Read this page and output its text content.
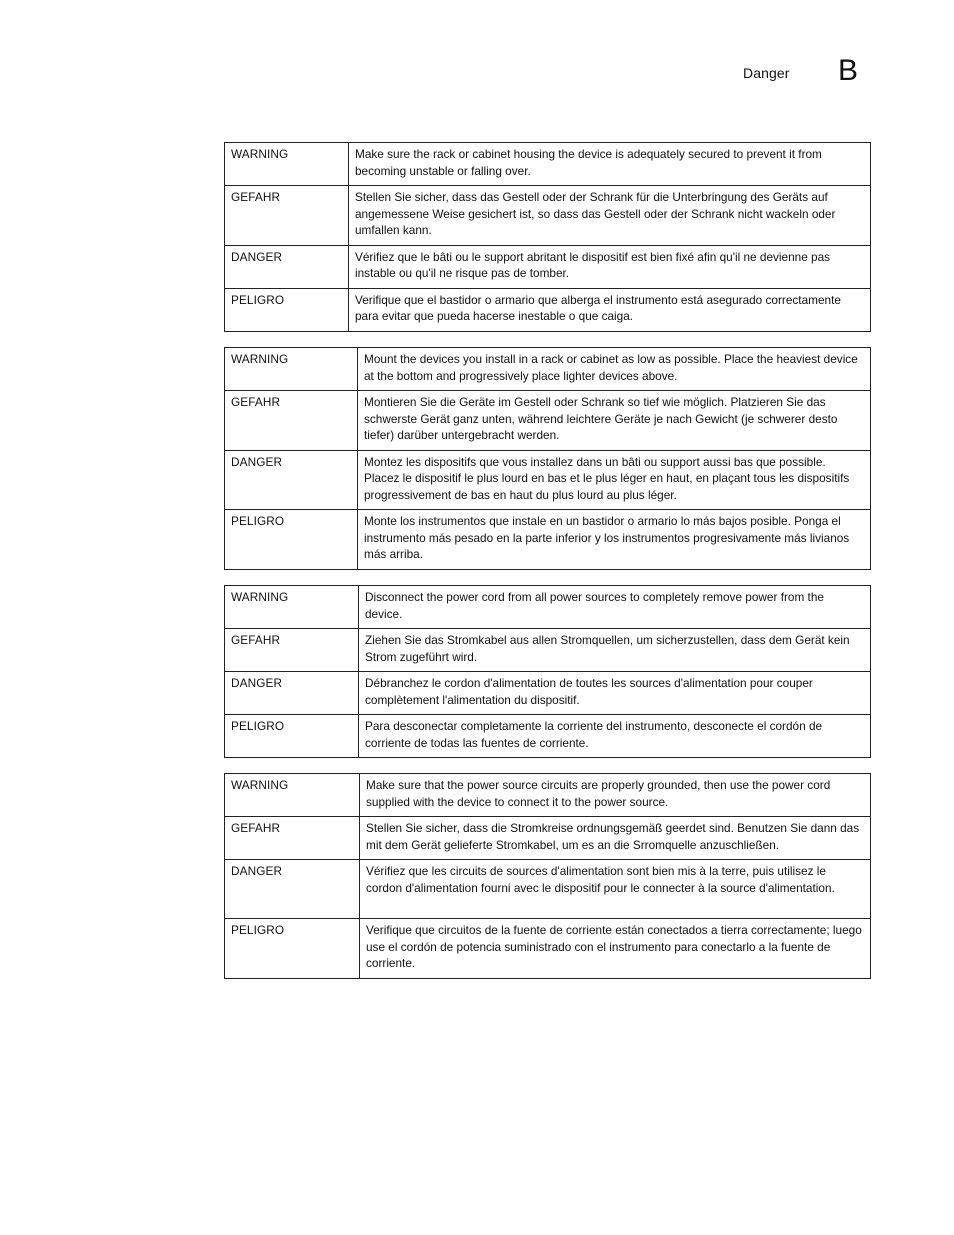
Danger B
WARNING	Make sure the rack or cabinet housing the device is adequately secured to prevent it from becoming unstable or falling over.
GEFAHR	Stellen Sie sicher, dass das Gestell oder der Schrank für die Unterbringung des Geräts auf angemessene Weise gesichert ist, so dass das Gestell oder der Schrank nicht wackeln oder umfallen kann.
DANGER	Vérifiez que le bâti ou le support abritant le dispositif est bien fixé afin qu'il ne devienne pas instable ou qu'il ne risque pas de tomber.
PELIGRO	Verifique que el bastidor o armario que alberga el instrumento está asegurado correctamente para evitar que pueda hacerse inestable o que caiga.
WARNING	Mount the devices you install in a rack or cabinet as low as possible. Place the heaviest device at the bottom and progressively place lighter devices above.
GEFAHR	Montieren Sie die Geräte im Gestell oder Schrank so tief wie möglich. Platzieren Sie das schwerste Gerät ganz unten, während leichtere Geräte je nach Gewicht (je schwerer desto tiefer) darüber untergebracht werden.
DANGER	Montez les dispositifs que vous installez dans un bâti ou support aussi bas que possible. Placez le dispositif le plus lourd en bas et le plus léger en haut, en plaçant tous les dispositifs progressivement de bas en haut du plus lourd au plus léger.
PELIGRO	Monte los instrumentos que instale en un bastidor o armario lo más bajos posible. Ponga el instrumento más pesado en la parte inferior y los instrumentos progresivamente más livianos más arriba.
WARNING	Disconnect the power cord from all power sources to completely remove power from the device.
GEFAHR	Ziehen Sie das Stromkabel aus allen Stromquellen, um sicherzustellen, dass dem Gerät kein Strom zugeführt wird.
DANGER	Débranchez le cordon d'alimentation de toutes les sources d'alimentation pour couper complètement l'alimentation du dispositif.
PELIGRO	Para desconectar completamente la corriente del instrumento, desconecte el cordón de corriente de todas las fuentes de corriente.
WARNING	Make sure that the power source circuits are properly grounded, then use the power cord supplied with the device to connect it to the power source.
GEFAHR	Stellen Sie sicher, dass die Stromkreise ordnungsgemäß geerdet sind. Benutzen Sie dann das mit dem Gerät gelieferte Stromkabel, um es an die Srromquelle anzuschließen.
DANGER	Vérifiez que les circuits de sources d'alimentation sont bien mis à la terre, puis utilisez le cordon d'alimentation fourni avec le dispositif pour le connecter à la source d'alimentation.
PELIGRO	Verifique que circuitos de la fuente de corriente están conectados a tierra correctamente; luego use el cordón de potencia suministrado con el instrumento para conectarlo a la fuente de corriente.
